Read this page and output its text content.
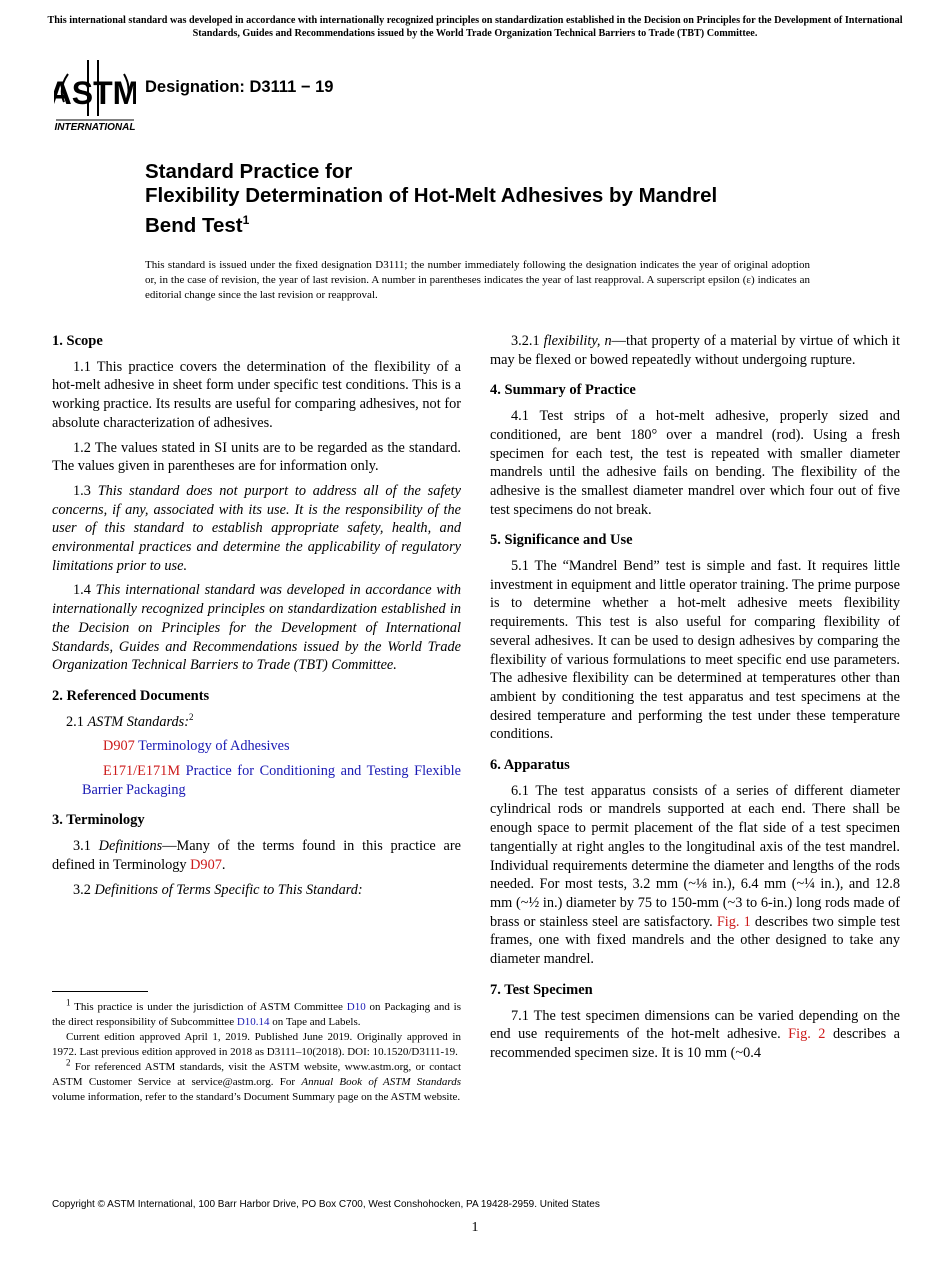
This international standard was developed in accordance with internationally recognized principles on standardization established in the Decision on Principles for the Development of International Standards, Guides and Recommendations issued by the World Trade Organization Technical Barriers to Trade (TBT) Committee.
ASTM
INTERNATIONAL
Designation: D3111 − 19
Standard Practice for
Flexibility Determination of Hot-Melt Adhesives by Mandrel
Bend Test$^1$
This standard is issued under the fixed designation D3111; the number immediately following the designation indicates the year of original adoption or, in the case of revision, the year of last revision. A number in parentheses indicates the year of last reapproval. A superscript epsilon (ε) indicates an editorial change since the last revision or reapproval.
1. Scope

1.1 This practice covers the determination of the flexibility of a hot-melt adhesive in sheet form under specific test conditions. This is a working practice. Its results are useful for comparing adhesives, not for absolute characterization of adhesives.

1.2 The values stated in SI units are to be regarded as the standard. The values given in parentheses are for information only.

1.3 This standard does not purport to address all of the safety concerns, if any, associated with its use. It is the responsibility of the user of this standard to establish appropriate safety, health, and environmental practices and determine the applicability of regulatory limitations prior to use.

1.4 This international standard was developed in accordance with internationally recognized principles on standardization established in the Decision on Principles for the Development of International Standards, Guides and Recommendations issued by the World Trade Organization Technical Barriers to Trade (TBT) Committee.

2. Referenced Documents

2.1 ASTM Standards:$^2$

D907 Terminology of Adhesives

E171/E171M Practice for Conditioning and Testing Flexible Barrier Packaging

3. Terminology

3.1 Definitions—Many of the terms found in this practice are defined in Terminology D907.

3.2 Definitions of Terms Specific to This Standard:

$^1$ This practice is under the jurisdiction of ASTM Committee D10 on Packaging and is the direct responsibility of Subcommittee D10.14 on Tape and Labels.

Current edition approved April 1, 2019. Published June 2019. Originally approved in 1972. Last previous edition approved in 2018 as D3111–10(2018). DOI: 10.1520/D3111-19.

$^2$ For referenced ASTM standards, visit the ASTM website, www.astm.org, or contact ASTM Customer Service at service@astm.org. For Annual Book of ASTM Standards volume information, refer to the standard’s Document Summary page on the ASTM website.

3.2.1 flexibility, n—that property of a material by virtue of which it may be flexed or bowed repeatedly without undergoing rupture.

4. Summary of Practice

4.1 Test strips of a hot-melt adhesive, properly sized and conditioned, are bent 180° over a mandrel (rod). Using a fresh specimen for each test, the test is repeated with smaller diameter mandrels until the adhesive fails on bending. The flexibility of the adhesive is the smallest diameter mandrel over which four out of five test specimens do not break.

5. Significance and Use

5.1 The “Mandrel Bend” test is simple and fast. It requires little investment in equipment and little operator training. The prime purpose is to determine whether a hot-melt adhesive meets flexibility requirements. This test is also useful for comparing flexibility of several adhesives. It can be used to design adhesives by comparing the flexibility of various formulations to meet specific end use parameters. The adhesive flexibility can be determined at temperatures other than ambient by conditioning the test apparatus and test specimens at the desired temperature and performing the test under these temperature conditions.

6. Apparatus

6.1 The test apparatus consists of a series of different diameter cylindrical rods or mandrels supported at each end. There shall be enough space to permit placement of the flat side of a test specimen tangentially at right angles to the longitudinal axis of the test mandrel. Individual requirements determine the diameter and lengths of the rods needed. For most tests, 3.2 mm (~⅛ in.), 6.4 mm (~¼ in.), and 12.8 mm (~½ in.) diameter by 75 to 150-mm (~3 to 6-in.) long rods made of brass or stainless steel are satisfactory. Fig. 1 describes two simple test frames, one with fixed mandrels and the other designed to take any diameter mandrel.

7. Test Specimen

7.1 The test specimen dimensions can be varied depending on the end use requirements of the hot-melt adhesive. Fig. 2 describes a recommended specimen size. It is 10 mm (~0.4

Copyright © ASTM International, 100 Barr Harbor Drive, PO Box C700, West Conshohocken, PA 19428-2959. United States
1
